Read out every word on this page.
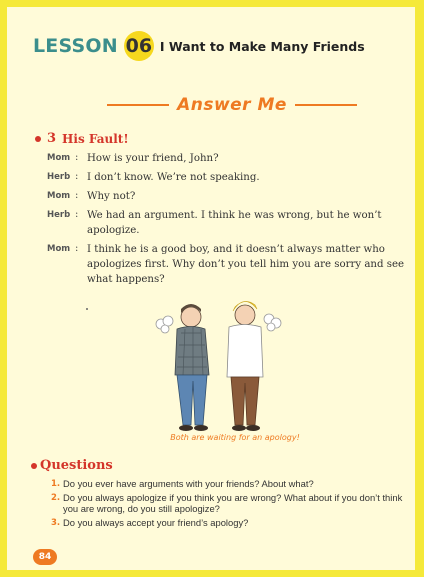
LESSON 06 I Want to Make Many Friends
Answer Me
3 His Fault!
Mom : How is your friend, John?
Herb : I don’t know. We’re not speaking.
Mom : Why not?
Herb : We had an argument. I think he was wrong, but he won’t apologize.
Mom : I think he is a good boy, and it doesn’t always matter who apologizes first. Why don’t you tell him you are sorry and see what happens?
Both are waiting for an apology!
Questions
1. Do you ever have arguments with your friends? About what?
2. Do you always apologize if you think you are wrong? What about if you don’t think you are wrong, do you still apologize?
3. Do you always accept your friend’s apology?
84
